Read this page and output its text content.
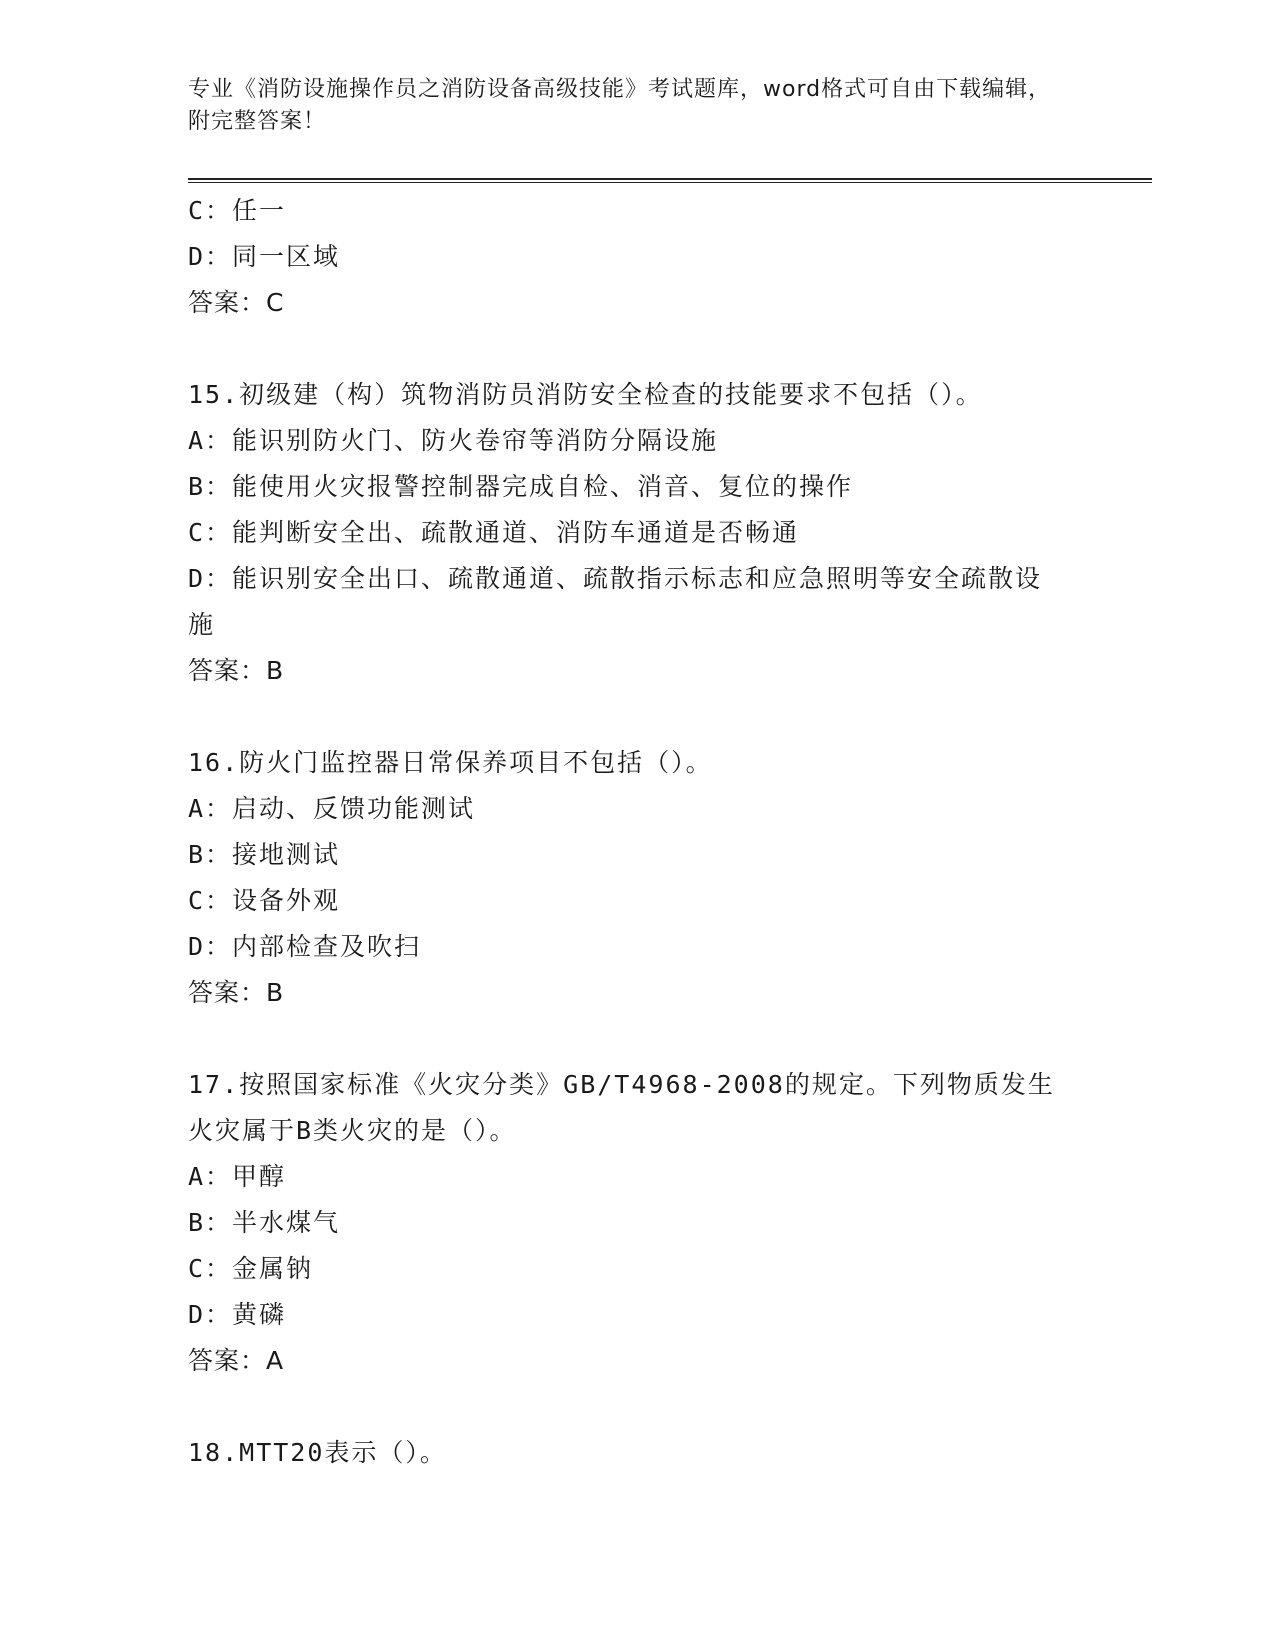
专业《消防设施操作员之消防设备高级技能》考试题库，word格式可自由下载编辑，附完整答案！
C：任一
D：同一区域
答案：C
15.初级建（构）筑物消防员消防安全检查的技能要求不包括（）。
A：能识别防火门、防火卷帘等消防分隔设施
B：能使用火灾报警控制器完成自检、消音、复位的操作
C：能判断安全出、疏散通道、消防车通道是否畅通
D：能识别安全出口、疏散通道、疏散指示标志和应急照明等安全疏散设施
答案：B
16.防火门监控器日常保养项目不包括（）。
A：启动、反馈功能测试
B：接地测试
C：设备外观
D：内部检查及吹扫
答案：B
17.按照国家标准《火灾分类》GB/T4968-2008的规定。下列物质发生火灾属于B类火灾的是（）。
A：甲醇
B：半水煤气
C：金属钠
D：黄磷
答案：A
18.MTT20表示（）。
